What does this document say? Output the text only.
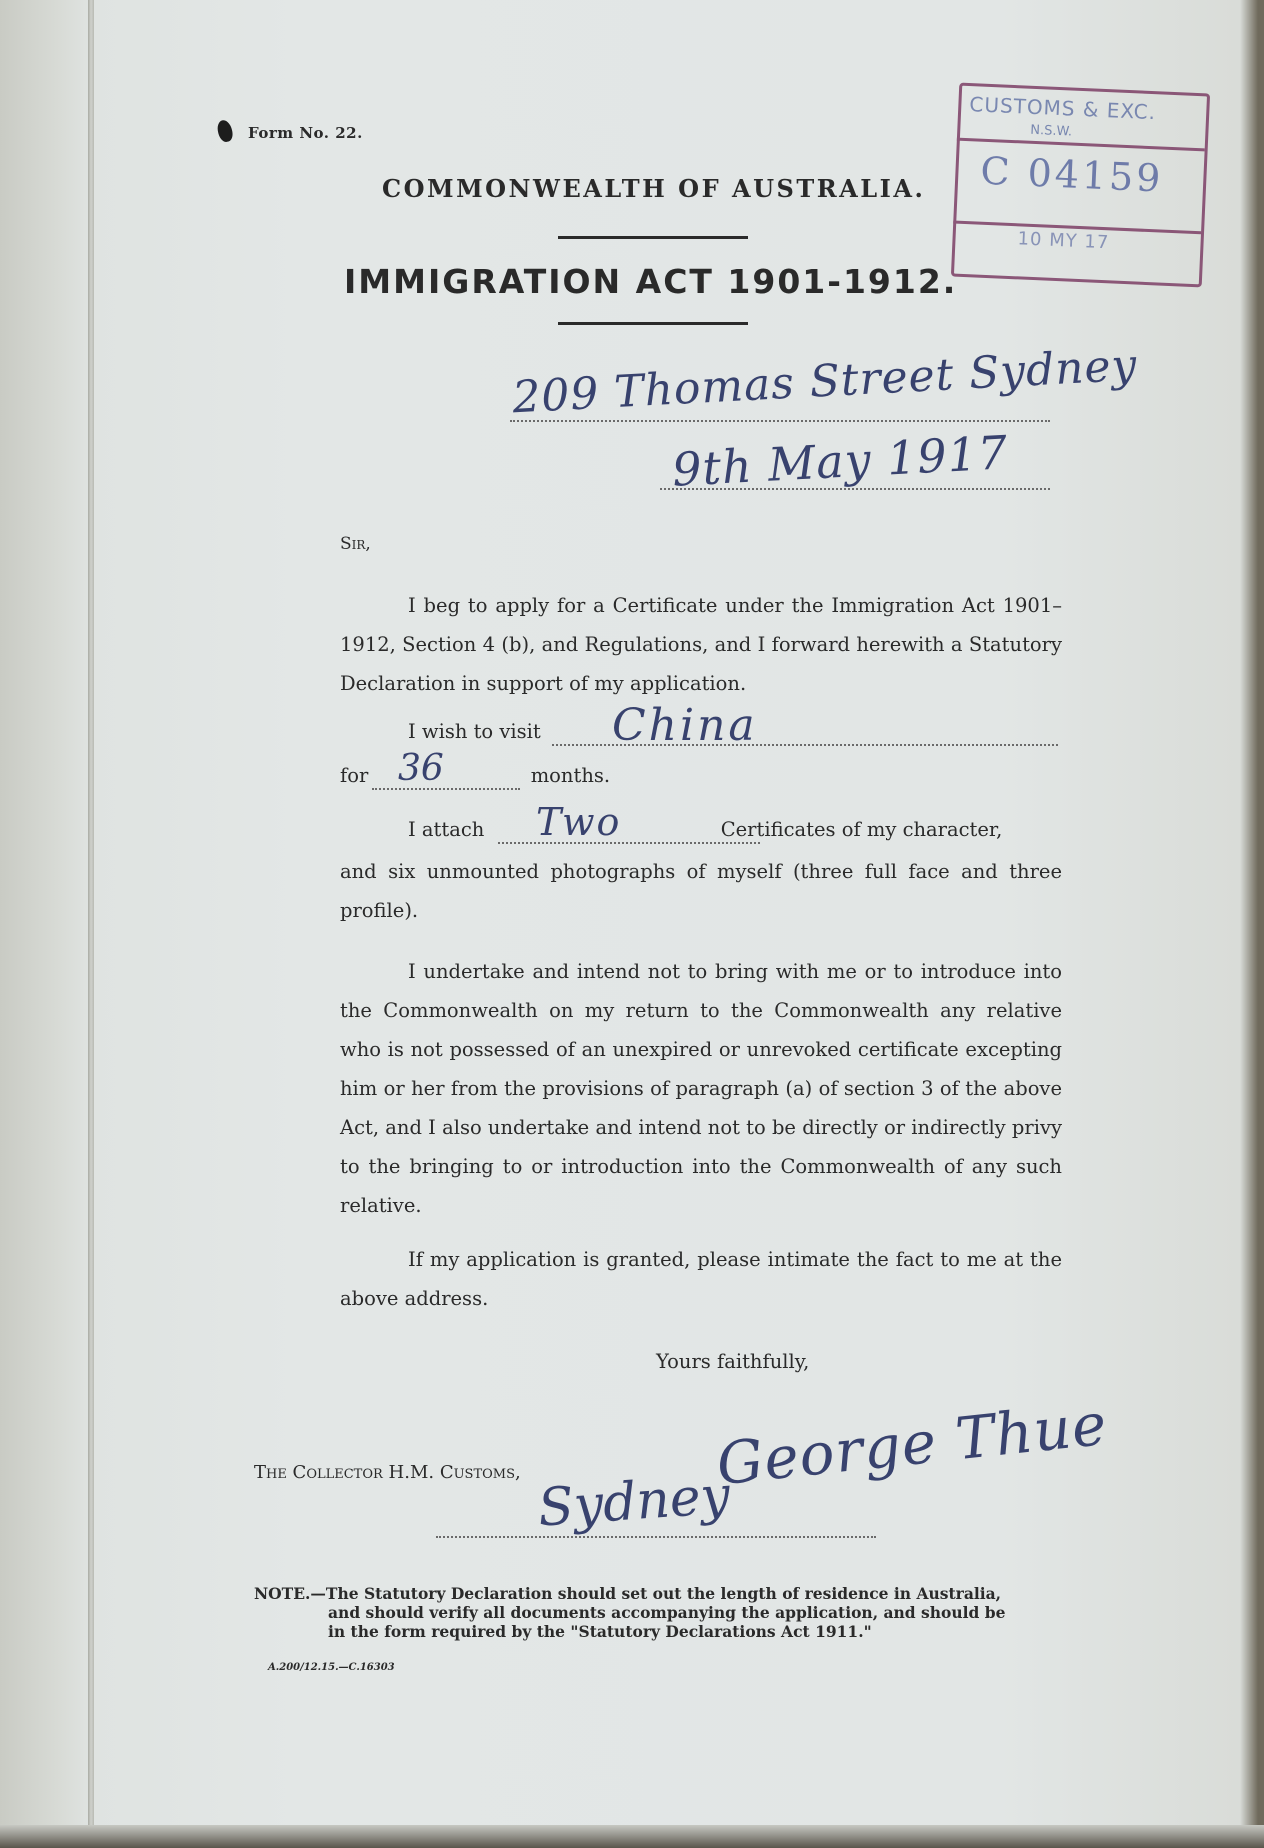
Form No. 22.
COMMONWEALTH OF AUSTRALIA.
IMMIGRATION ACT 1901-1912.
CUSTOMS & EXC.
N.S.W.
C 04159
10 MY 17
209 Thomas Street Sydney
9th May 1917
Sir,
I beg to apply for a Certificate under the Immigration Act 1901–1912, Section 4 (b), and Regulations, and I forward herewith a Statutory Declaration in support of my application.
I wish to visit China
for	months.
36
I attach	Certificates of my character,
Two
and six unmounted photographs of myself (three full face and three profile).
I undertake and intend not to bring with me or to introduce into the Commonwealth on my return to the Commonwealth any relative who is not possessed of an unexpired or unrevoked certificate excepting him or her from the provisions of paragraph (a) of section 3 of the above Act, and I also undertake and intend not to be directly or indirectly privy to the bringing to or introduction into the Commonwealth of any such relative.
If my application is granted, please intimate the fact to me at the above address.
Yours faithfully,
George Thue
The Collector H.M. Customs, Sydney
NOTE.—The Statutory Declaration should set out the length of residence in Australia,
and should verify all documents accompanying the application, and should be
in the form required by the "Statutory Declarations Act 1911."
A.200/12.15.—C.16303
